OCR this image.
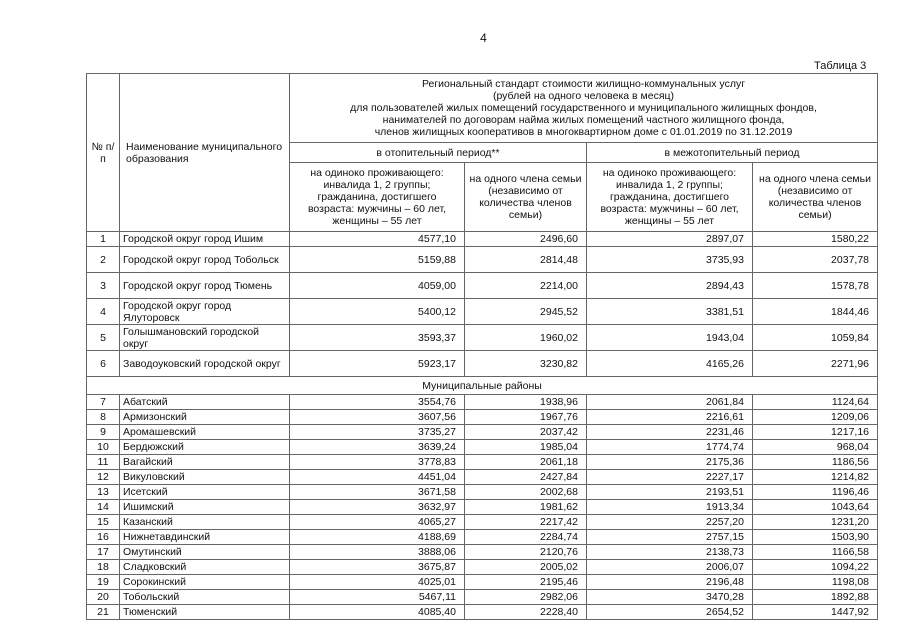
4
Таблица 3
№ п/п	Наименование муниципального образования	Региональный стандарт стоимости жилищно-коммунальных услуг
(рублей на одного человека в месяц)
для пользователей жилых помещений государственного и муниципального жилищных фондов,
нанимателей по договорам найма жилых помещений частного жилищного фонда,
членов жилищных кооперативов в многоквартирном доме с 01.01.2019 по 31.12.2019			

		в отопительный период**		в межотопительный период	
		на одиноко проживающего: инвалида 1, 2 группы; гражданина, достигшего возраста: мужчины – 60 лет, женщины – 55 лет	на одного члена семьи (независимо от количества членов семьи)	на одиноко проживающего: инвалида 1, 2 группы; гражданина, достигшего возраста: мужчины – 60 лет, женщины – 55 лет	на одного члена семьи (независимо от количества членов семьи)
1	Городской округ город Ишим	4577,10	2496,60	2897,07	1580,22
2	Городской округ город Тобольск	5159,88	2814,48	3735,93	2037,78
3	Городской округ город Тюмень	4059,00	2214,00	2894,43	1578,78
4	Городской округ город Ялуторовск	5400,12	2945,52	3381,51	1844,46
5	Голышмановский городской округ	3593,37	1960,02	1943,04	1059,84
6	Заводоуковский городской округ	5923,17	3230,82	4165,26	2271,96
Муниципальные районы					
7	Абатский	3554,76	1938,96	2061,84	1124,64
8	Армизонский	3607,56	1967,76	2216,61	1209,06
9	Аромашевский	3735,27	2037,42	2231,46	1217,16
10	Бердюжский	3639,24	1985,04	1774,74	968,04
11	Вагайский	3778,83	2061,18	2175,36	1186,56
12	Викуловский	4451,04	2427,84	2227,17	1214,82
13	Исетский	3671,58	2002,68	2193,51	1196,46
14	Ишимский	3632,97	1981,62	1913,34	1043,64
15	Казанский	4065,27	2217,42	2257,20	1231,20
16	Нижнетавдинский	4188,69	2284,74	2757,15	1503,90
17	Омутинский	3888,06	2120,76	2138,73	1166,58
18	Сладковский	3675,87	2005,02	2006,07	1094,22
19	Сорокинский	4025,01	2195,46	2196,48	1198,08
20	Тобольский	5467,11	2982,06	3470,28	1892,88
21	Тюменский	4085,40	2228,40	2654,52	1447,92
